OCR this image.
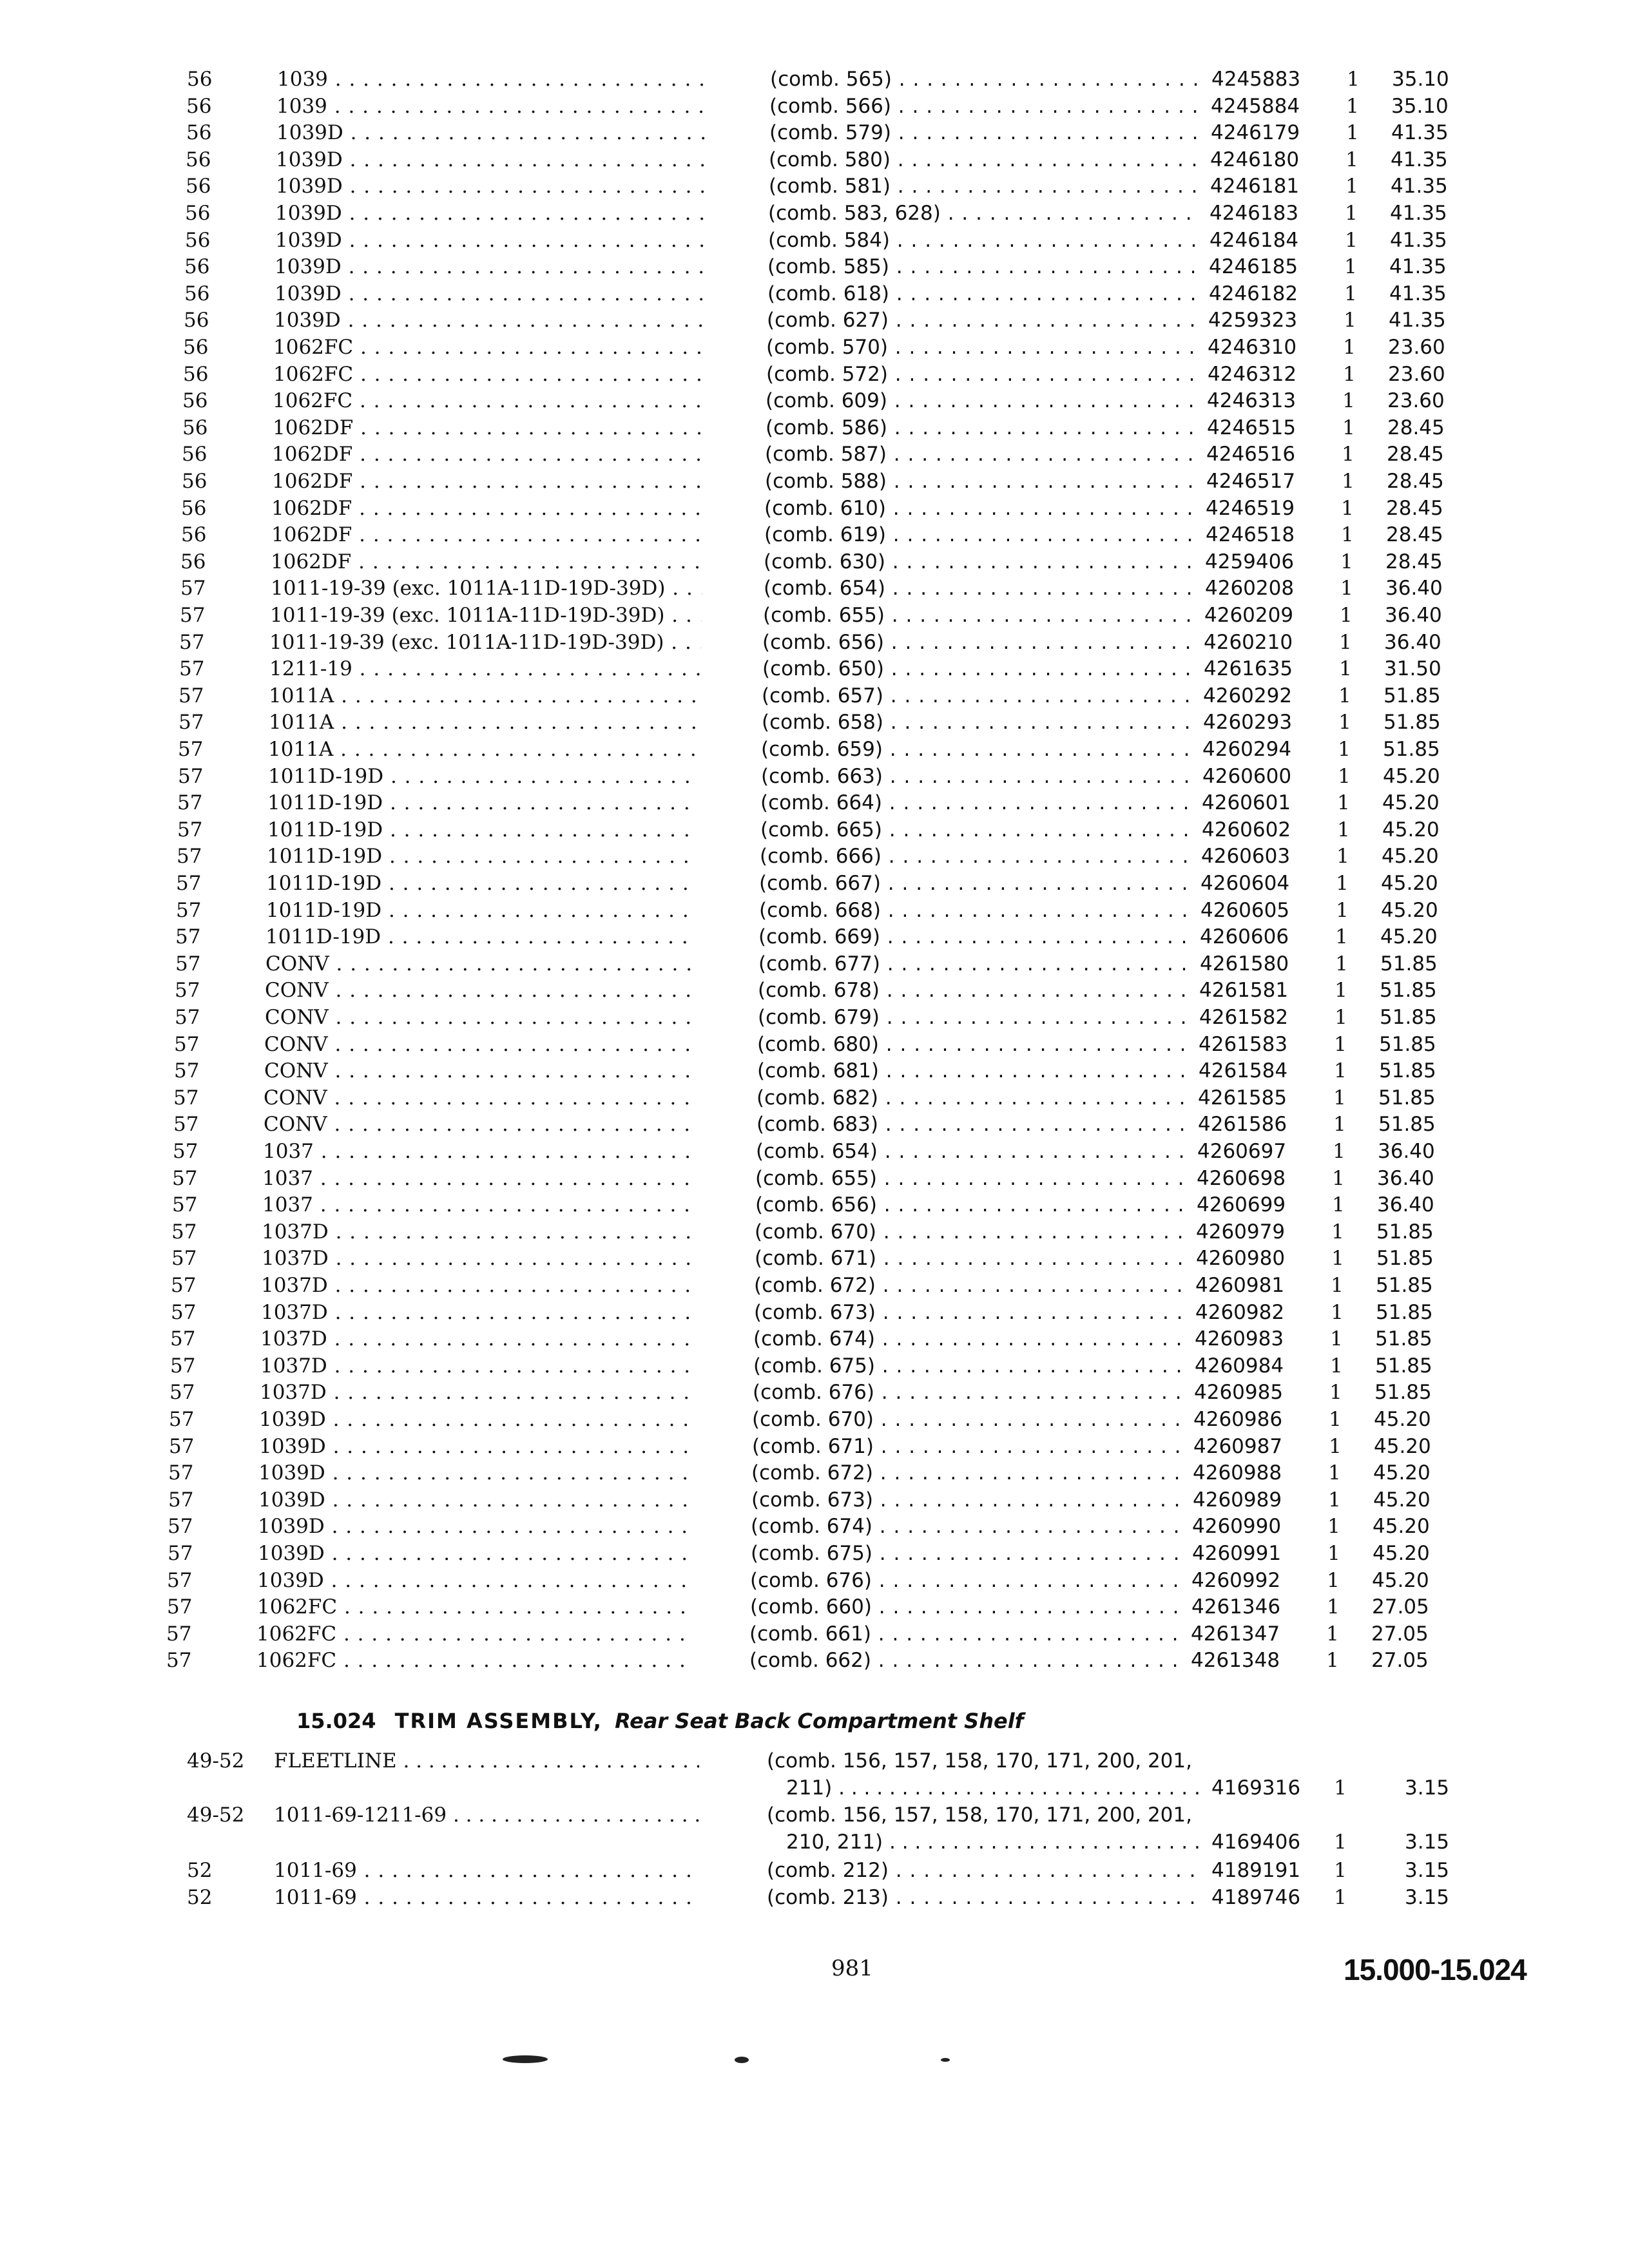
56	1039 . . .	(comb. 565) . . .	4245883	1	35.10
56	1039 . . .	(comb. 566) . . .	4245884	1	35.10
56	1039D . . .	(comb. 579) . . .	4246179	1	41.35
56	1039D . . .	(comb. 580) . . .	4246180	1	41.35
56	1039D . . .	(comb. 581) . . .	4246181	1	41.35
56	1039D . . .	(comb. 583, 628) . . .	4246183	1	41.35
56	1039D . . .	(comb. 584) . . .	4246184	1	41.35
56	1039D . . .	(comb. 585) . . .	4246185	1	41.35
56	1039D . . .	(comb. 618) . . .	4246182	1	41.35
56	1039D . . .	(comb. 627) . . .	4259323	1	41.35
56	1062FC . . .	(comb. 570) . . .	4246310	1	23.60
56	1062FC . . .	(comb. 572) . . .	4246312	1	23.60
56	1062FC . . .	(comb. 609) . . .	4246313	1	23.60
56	1062DF . . .	(comb. 586) . . .	4246515	1	28.45
56	1062DF . . .	(comb. 587) . . .	4246516	1	28.45
56	1062DF . . .	(comb. 588) . . .	4246517	1	28.45
56	1062DF . . .	(comb. 610) . . .	4246519	1	28.45
56	1062DF . . .	(comb. 619) . . .	4246518	1	28.45
56	1062DF . . .	(comb. 630) . . .	4259406	1	28.45
57	1011-19-39 (exc. 1011A-11D-19D-39D) . . .	(comb. 654) . . .	4260208	1	36.40
57	1011-19-39 (exc. 1011A-11D-19D-39D) . . .	(comb. 655) . . .	4260209	1	36.40
57	1011-19-39 (exc. 1011A-11D-19D-39D) . . .	(comb. 656) . . .	4260210	1	36.40
57	1211-19 . . .	(comb. 650) . . .	4261635	1	31.50
57	1011A . . .	(comb. 657) . . .	4260292	1	51.85
57	1011A . . .	(comb. 658) . . .	4260293	1	51.85
57	1011A . . .	(comb. 659) . . .	4260294	1	51.85
57	1011D-19D . . .	(comb. 663) . . .	4260600	1	45.20
57	1011D-19D . . .	(comb. 664) . . .	4260601	1	45.20
57	1011D-19D . . .	(comb. 665) . . .	4260602	1	45.20
57	1011D-19D . . .	(comb. 666) . . .	4260603	1	45.20
57	1011D-19D . . .	(comb. 667) . . .	4260604	1	45.20
57	1011D-19D . . .	(comb. 668) . . .	4260605	1	45.20
57	1011D-19D . . .	(comb. 669) . . .	4260606	1	45.20
57	CONV . . .	(comb. 677) . . .	4261580	1	51.85
57	CONV . . .	(comb. 678) . . .	4261581	1	51.85
57	CONV . . .	(comb. 679) . . .	4261582	1	51.85
57	CONV . . .	(comb. 680) . . .	4261583	1	51.85
57	CONV . . .	(comb. 681) . . .	4261584	1	51.85
57	CONV . . .	(comb. 682) . . .	4261585	1	51.85
57	CONV . . .	(comb. 683) . . .	4261586	1	51.85
57	1037 . . .	(comb. 654) . . .	4260697	1	36.40
57	1037 . . .	(comb. 655) . . .	4260698	1	36.40
57	1037 . . .	(comb. 656) . . .	4260699	1	36.40
57	1037D . . .	(comb. 670) . . .	4260979	1	51.85
57	1037D . . .	(comb. 671) . . .	4260980	1	51.85
57	1037D . . .	(comb. 672) . . .	4260981	1	51.85
57	1037D . . .	(comb. 673) . . .	4260982	1	51.85
57	1037D . . .	(comb. 674) . . .	4260983	1	51.85
57	1037D . . .	(comb. 675) . . .	4260984	1	51.85
57	1037D . . .	(comb. 676) . . .	4260985	1	51.85
57	1039D . . .	(comb. 670) . . .	4260986	1	45.20
57	1039D . . .	(comb. 671) . . .	4260987	1	45.20
57	1039D . . .	(comb. 672) . . .	4260988	1	45.20
57	1039D . . .	(comb. 673) . . .	4260989	1	45.20
57	1039D . . .	(comb. 674) . . .	4260990	1	45.20
57	1039D . . .	(comb. 675) . . .	4260991	1	45.20
57	1039D . . .	(comb. 676) . . .	4260992	1	45.20
57	1062FC . . .	(comb. 660) . . .	4261346	1	27.05
57	1062FC . . .	(comb. 661) . . .	4261347	1	27.05
57	1062FC . . .	(comb. 662) . . .	4261348	1	27.05
15.024 TRIM ASSEMBLY, Rear Seat Back Compartment Shelf
49-52 FLEETLINE . . .	(comb. 156, 157, 158, 170, 171, 200, 201,
211) . . .	4169316	1	3.15
49-52 1011-69-1211-69 . . .	(comb. 156, 157, 158, 170, 171, 200, 201,
210, 211) . . .	4169406	1	3.15
52	1011-69 . . .	(comb. 212) . . .	4189191	1	3.15
52	1011-69 . . .	(comb. 213) . . .	4189746	1	3.15
981	15.000-15.024
